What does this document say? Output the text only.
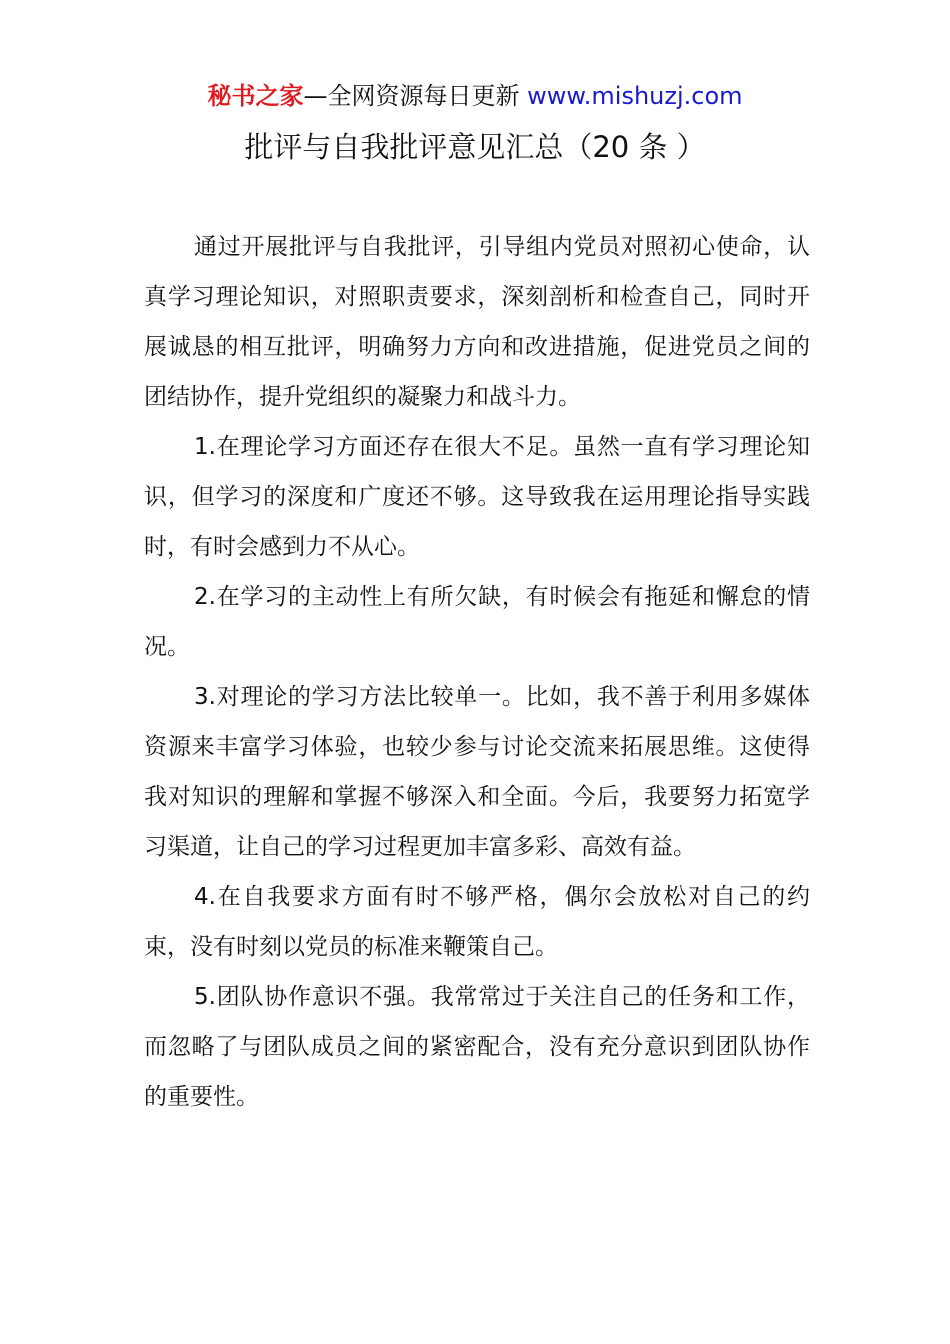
秘书之家—全网资源每日更新 www.mishuzj.com
批评与自我批评意见汇总（20 条 ）

通过开展批评与自我批评，引导组内党员对照初心使命，认真学习理论知识，对照职责要求，深刻剖析和检查自己，同时开展诚恳的相互批评，明确努力方向和改进措施，促进党员之间的团结协作，提升党组织的凝聚力和战斗力。

1.在理论学习方面还存在很大不足。虽然一直有学习理论知识，但学习的深度和广度还不够。这导致我在运用理论指导实践时，有时会感到力不从心。

2.在学习的主动性上有所欠缺，有时候会有拖延和懈怠的情况。

3.对理论的学习方法比较单一。比如，我不善于利用多媒体资源来丰富学习体验，也较少参与讨论交流来拓展思维。这使得我对知识的理解和掌握不够深入和全面。今后，我要努力拓宽学习渠道，让自己的学习过程更加丰富多彩、高效有益。

4.在自我要求方面有时不够严格，偶尔会放松对自己的约束，没有时刻以党员的标准来鞭策自己。

5.团队协作意识不强。我常常过于关注自己的任务和工作，而忽略了与团队成员之间的紧密配合，没有充分意识到团队协作的重要性。
